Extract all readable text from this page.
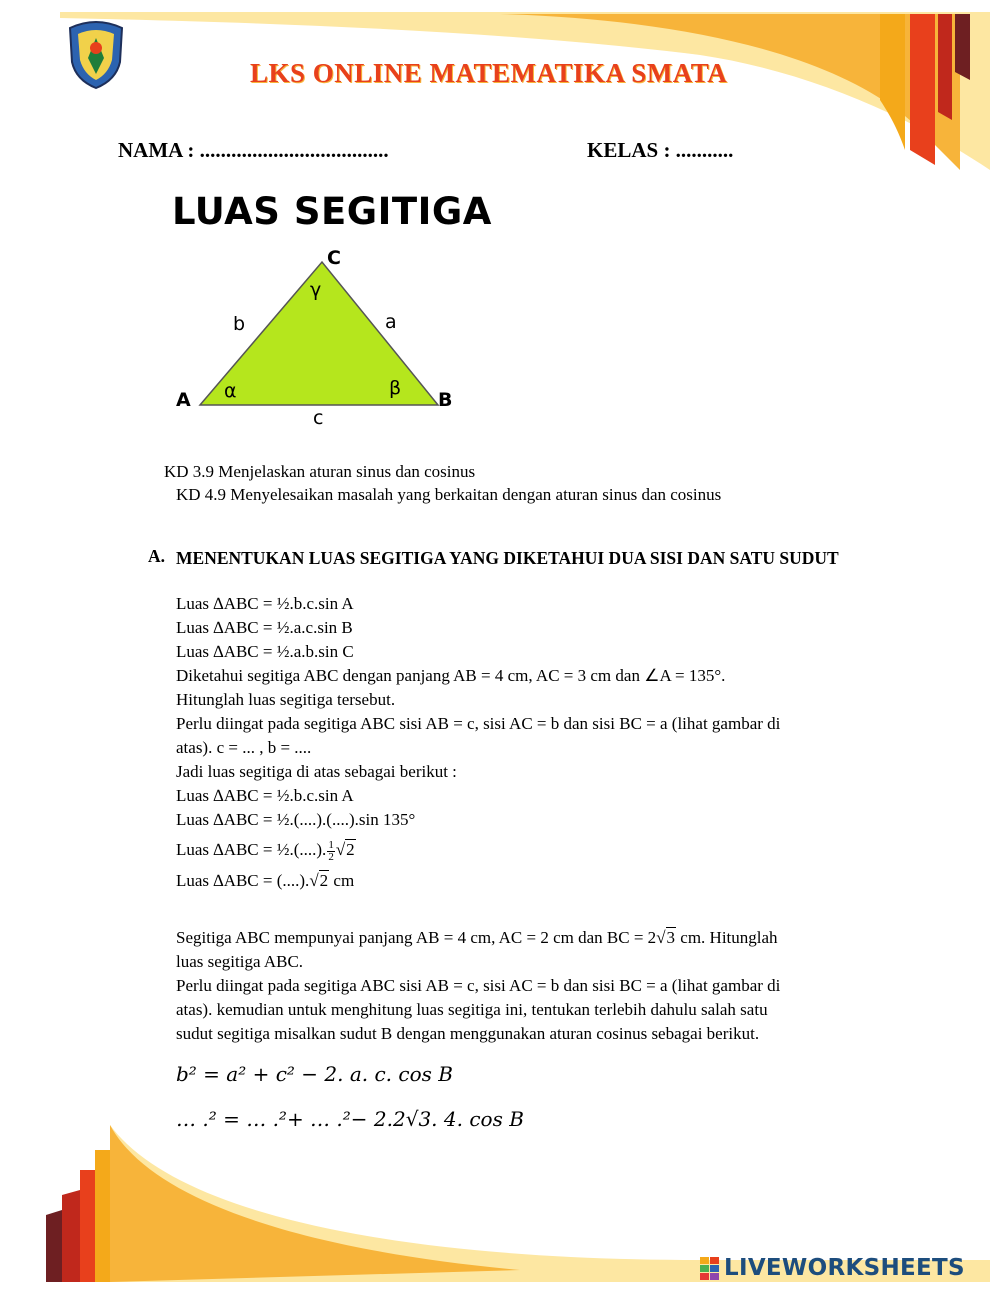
LKS ONLINE MATEMATIKA SMATA
NAMA : ....................................	KELAS : ...........
LUAS SEGITIGA
C
A	B
b	a
c
α	β
γ
KD 3.9 Menjelaskan aturan sinus dan cosinus
KD 4.9 Menyelesaikan masalah yang berkaitan dengan aturan sinus dan cosinus
A. MENENTUKAN LUAS SEGITIGA YANG DIKETAHUI DUA SISI DAN SATU SUDUT
Luas ∆ABC = ½.b.c.sin A
Luas ∆ABC = ½.a.c.sin B
Luas ∆ABC = ½.a.b.sin C
Diketahui segitiga ABC dengan panjang AB = 4 cm, AC = 3 cm dan ∠A = 135°.
Hitunglah luas segitiga tersebut.
Perlu diingat pada segitiga ABC sisi AB = c, sisi AC = b dan sisi BC = a (lihat gambar di
atas). c = ... , b = ....
Jadi luas segitiga di atas sebagai berikut :
Luas ∆ABC = ½.b.c.sin A
Luas ∆ABC = ½.(....).(....).sin 135°
Luas ∆ABC = ½.(....). $\frac{1}{2} √2$
Luas ∆ABC = (....).√2 cm
Segitiga ABC mempunyai panjang AB = 4 cm, AC = 2 cm dan BC = 2√3 cm. Hitunglah
luas segitiga ABC.
Perlu diingat pada segitiga ABC sisi AB = c, sisi AC = b dan sisi BC = a (lihat gambar di
atas). kemudian untuk menghitung luas segitiga ini, tentukan terlebih dahulu salah satu
sudut segitiga misalkan sudut B dengan menggunakan aturan cosinus sebagai berikut.
b² = a² + c² − 2. a. c. cos B
… .² = … .²+ … .²− 2.2√3. 4. cos B
LIVEWORKSHEETS
